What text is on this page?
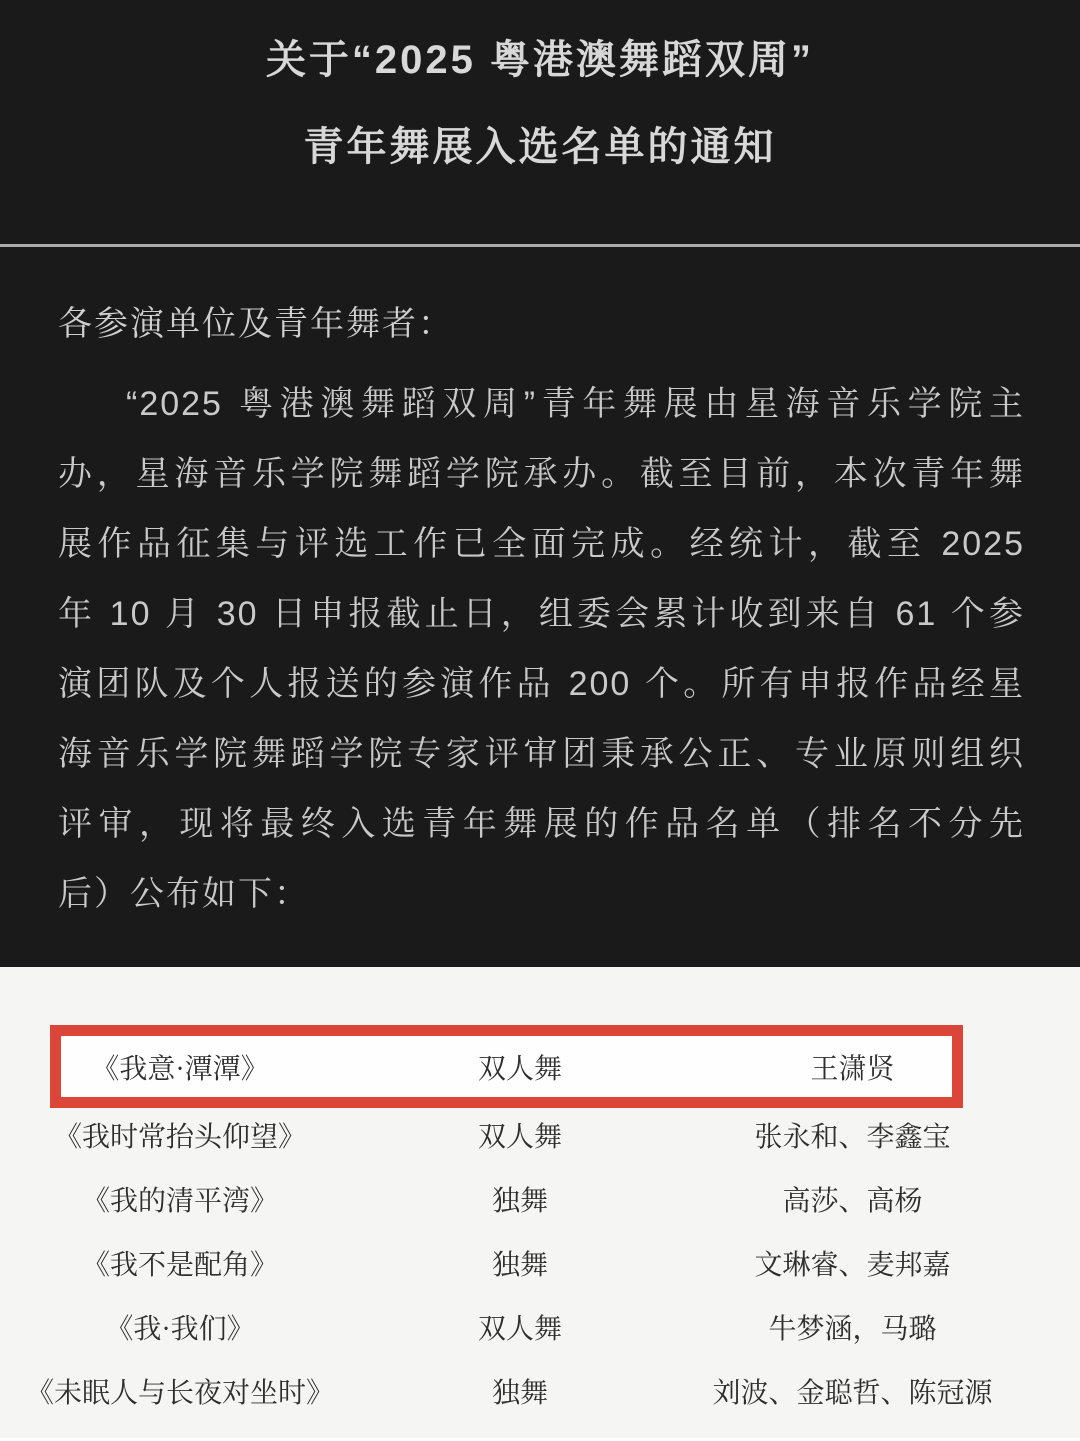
关于“2025 粤港澳舞蹈双周”
青年舞展入选名单的通知
各参演单位及青年舞者：
“2025 粤港澳舞蹈双周”青年舞展由星海音乐学院主
办，星海音乐学院舞蹈学院承办。截至目前，本次青年舞
展作品征集与评选工作已全面完成。经统计，截至 2025
年 10 月 30 日申报截止日，组委会累计收到来自 61 个参
演团队及个人报送的参演作品 200 个。所有申报作品经星
海音乐学院舞蹈学院专家评审团秉承公正、专业原则组织
评审，现将最终入选青年舞展的作品名单（排名不分先
后）公布如下：
《我意·潭潭》	双人舞	王潇贤
《我时常抬头仰望》	双人舞	张永和、李鑫宝
《我的清平湾》	独舞	高莎、高杨
《我不是配角》	独舞	文琳睿、麦邦嘉
《我·我们》	双人舞	牛梦涵，马璐
《未眠人与长夜对坐时》	独舞	刘波、金聪哲、陈冠源
